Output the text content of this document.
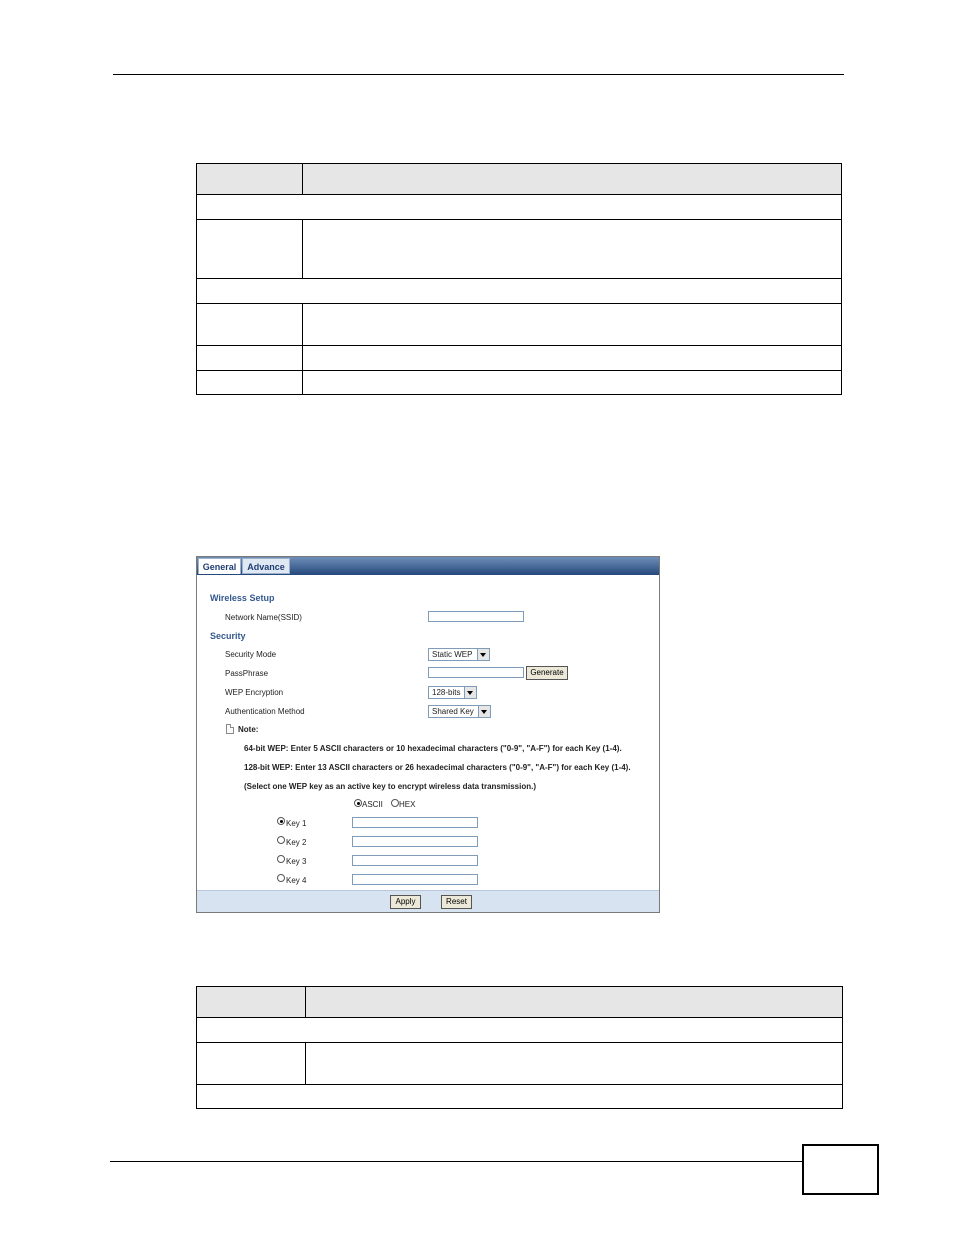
General	Advance
Wireless Setup
Network Name(SSID)
Security
Security Mode	Static WEP
PassPhrase	Generate
WEP Encryption	128-bits
Authentication Method	Shared Key
Note:
64-bit WEP: Enter 5 ASCII characters or 10 hexadecimal characters ("0-9", "A-F") for each Key (1-4).
128-bit WEP: Enter 13 ASCII characters or 26 hexadecimal characters ("0-9", "A-F") for each Key (1-4).
(Select one WEP key as an active key to encrypt wireless data transmission.)
ASCII HEX
Key 1
Key 2
Key 3
Key 4
Apply	Reset
